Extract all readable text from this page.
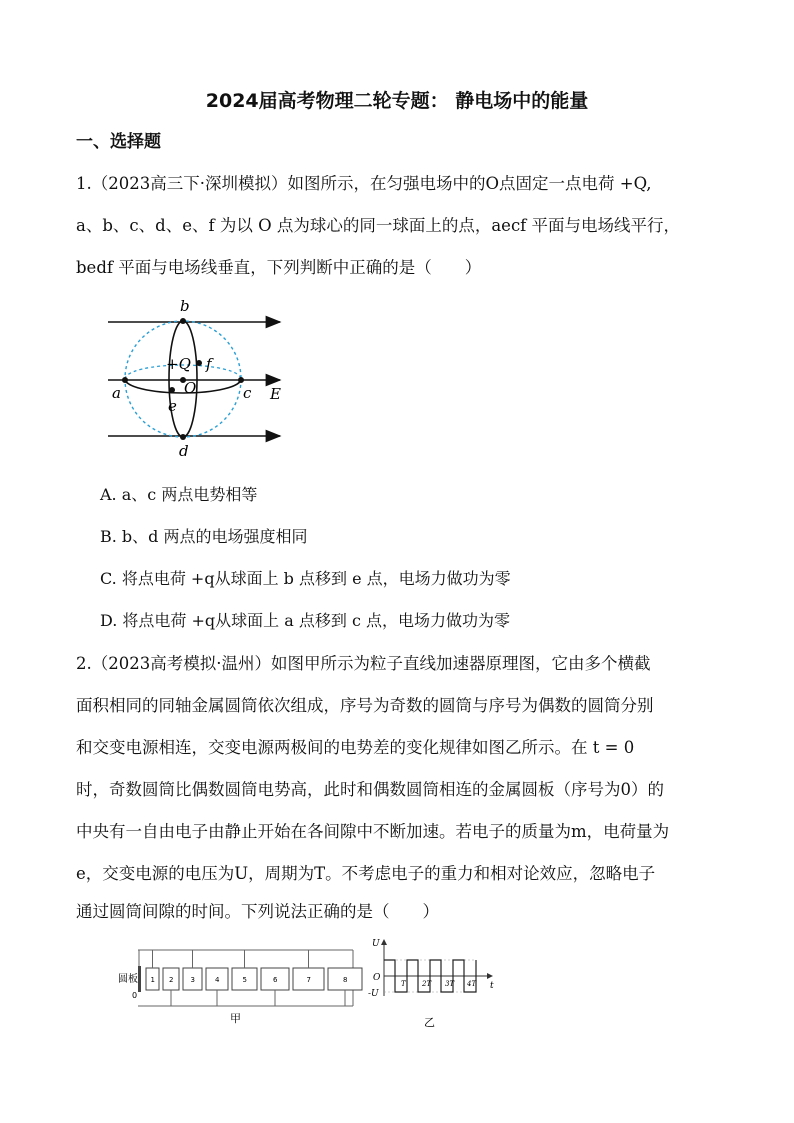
2024届高考物理二轮专题： 静电场中的能量
一、选择题
1.（2023高三下·深圳模拟）如图所示，在匀强电场中的O点固定一点电荷 +Q,
a、b、c、d、e、f 为以 O 点为球心的同一球面上的点，aecf 平面与电场线平行，
bedf 平面与电场线垂直，下列判断中正确的是（　　）
b
+Q f
O
a
e
c E
d
A. a、c 两点电势相等
B. b、d 两点的电场强度相同
C. 将点电荷 +q从球面上 b 点移到 e 点，电场力做功为零
D. 将点电荷 +q从球面上 a 点移到 c 点，电场力做功为零
2.（2023高考模拟·温州）如图甲所示为粒子直线加速器原理图，它由多个横截
面积相同的同轴金属圆筒依次组成，序号为奇数的圆筒与序号为偶数的圆筒分别
和交变电源相连，交变电源两极间的电势差的变化规律如图乙所示。在 t = 0
时，奇数圆筒比偶数圆筒电势高，此时和偶数圆筒相连的金属圆板（序号为0）的
中央有一自由电子由静止开始在各间隙中不断加速。若电子的质量为m，电荷量为
e，交变电源的电压为U，周期为T。不考虑电子的重力和相对论效应，忽略电子
通过圆筒间隙的时间。下列说法正确的是（　　）
圆板
0
1 2 3	4	5	6	7	8
甲
U
O
-U
t
T 2T 3T 4T
乙
